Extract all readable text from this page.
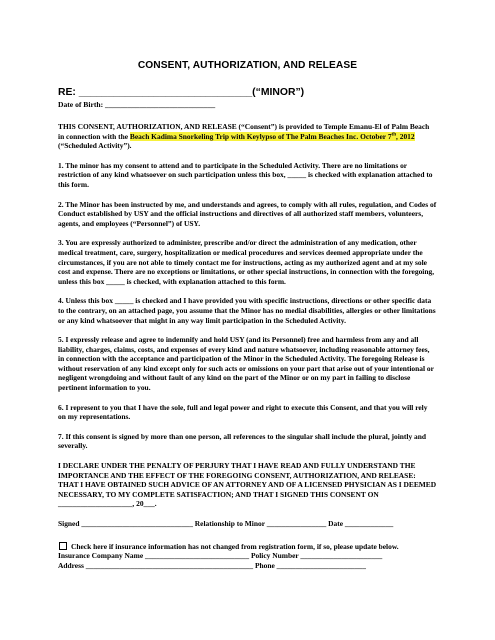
CONSENT, AUTHORIZATION, AND RELEASE
RE: ______________________________(“MINOR”)
Date of Birth: _____________________________

THIS CONSENT, AUTHORIZATION, AND RELEASE (“Consent”) is provided to Temple Emanu-El of Palm Beach in connection with the Beach Kadima Snorkeling Trip with Keylypso of The Palm Beaches Inc. October 7th, 2012 (“Scheduled Activity”).

1. The minor has my consent to attend and to participate in the Scheduled Activity. There are no limitations or restriction of any kind whatsoever on such participation unless this box, _____ is checked with explanation attached to this form.

2. The Minor has been instructed by me, and understands and agrees, to comply with all rules, regulation, and Codes of Conduct established by USY and the official instructions and directives of all authorized staff members, volunteers, agents, and employees (“Personnel”) of USY.

3. You are expressly authorized to administer, prescribe and/or direct the administration of any medication, other medical treatment, care, surgery, hospitalization or medical procedures and services deemed appropriate under the circumstances, if you are not able to timely contact me for instructions, acting as my authorized agent and at my sole cost and expense. There are no exceptions or limitations, or other special instructions, in connection with the foregoing, unless this box _____ is checked, with explanation attached to this form.

4. Unless this box _____ is checked and I have provided you with specific instructions, directions or other specific data to the contrary, on an attached page, you assume that the Minor has no medial disabilities, allergies or other limitations or any kind whatsoever that might in any way limit participation in the Scheduled Activity.

5. I expressly release and agree to indemnify and hold USY (and its Personnel) free and harmless from any and all liability, charges, claims, costs, and expenses of every kind and nature whatsoever, including reasonable attorney fees, in connection with the acceptance and participation of the Minor in the Scheduled Activity. The foregoing Release is without reservation of any kind except only for such acts or omissions on your part that arise out of your intentional or negligent wrongdoing and without fault of any kind on the part of the Minor or on my part in failing to disclose pertinent information to you.

6. I represent to you that I have the sole, full and legal power and right to execute this Consent, and that you will rely on my representations.

7. If this consent is signed by more than one person, all references to the singular shall include the plural, jointly and severally.

I DECLARE UNDER THE PENALTY OF PERJURY THAT I HAVE READ AND FULLY UNDERSTAND THE IMPORTANCE AND THE EFFECT OF THE FOREGOING CONSENT, AUTHORIZATION, AND RELEASE: THAT I HAVE OBTAINED SUCH ADVICE OF AN ATTORNEY AND OF A LICENSED PHYSICIAN AS I DEEMED NECESSARY, TO MY COMPLETE SATISFACTION; AND THAT I SIGNED THIS CONSENT ON ____________________, 20___.

Signed ______________________________ Relationship to Minor ________________ Date _____________
Check here if insurance information has not changed from registration form, if so, please update below.
Insurance Company Name ____________________________ Policy Number ______________________
Address _____________________________________________ Phone ________________________
